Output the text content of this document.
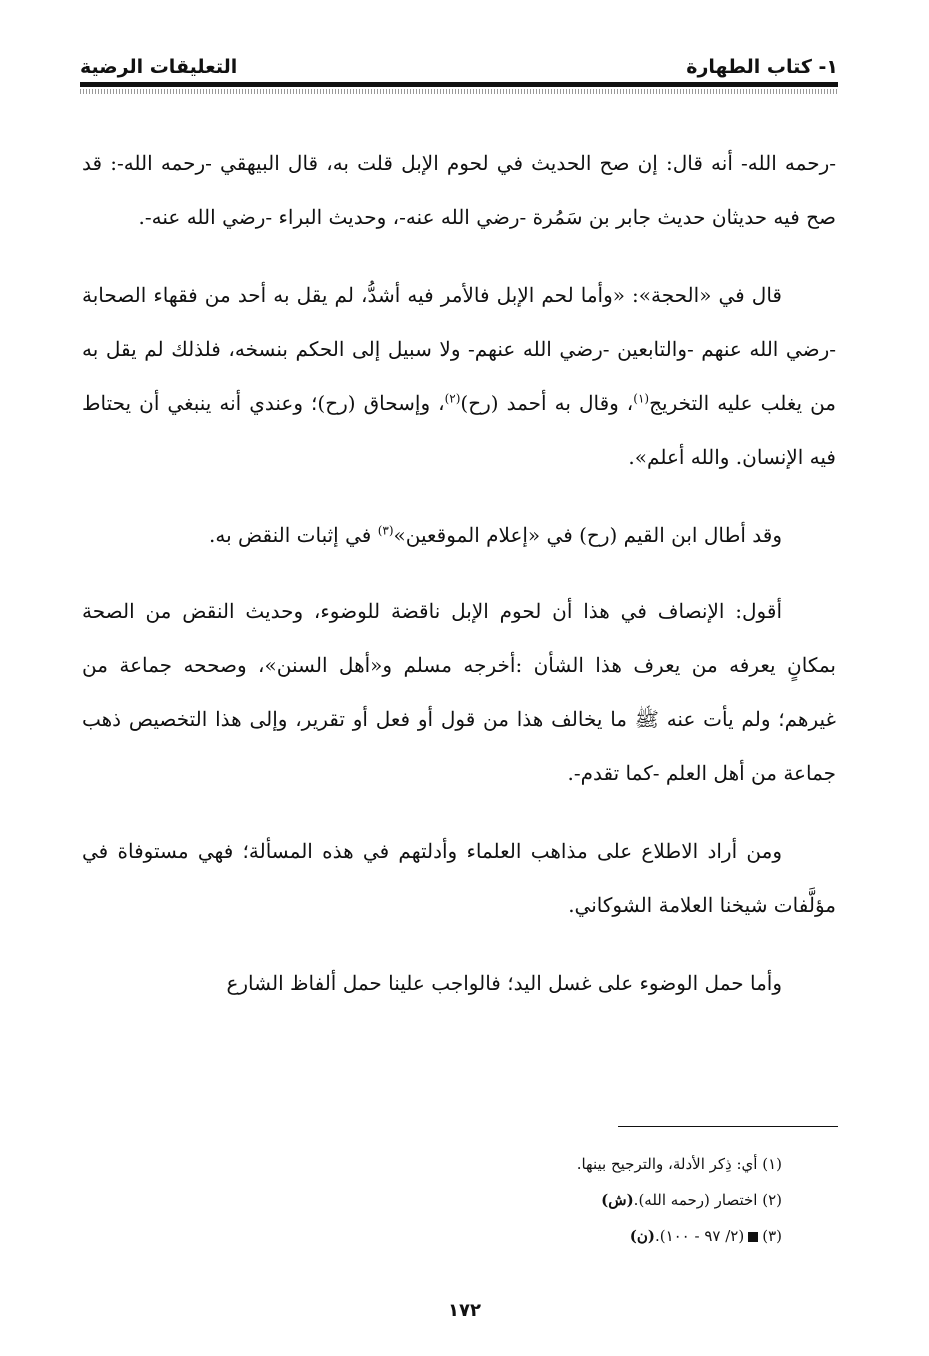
١- كتاب الطهارة
التعليقات الرضية

-رحمه الله- أنه قال: إن صح الحديث في لحوم الإبل قلت به، قال البيهقي -رحمه الله-: قد صح فيه حديثان حديث جابر بن سَمُرة -رضي الله عنه-، وحديث البراء -رضي الله عنه-.

قال في «الحجة»: «وأما لحم الإبل فالأمر فيه أشدُّ، لم يقل به أحد من فقهاء الصحابة -رضي الله عنهم -والتابعين -رضي الله عنهم- ولا سبيل إلى الحكم بنسخه، فلذلك لم يقل به من يغلب عليه التخريج$^{(١)}$، وقال به أحمد (رح)$^{(٢)}$، وإسحاق (رح)؛ وعندي أنه ينبغي أن يحتاط فيه الإنسان. والله أعلم».

وقد أطال ابن القيم (رح) في «إعلام الموقعين»$^{(٣)}$ في إثبات النقض به.

أقول: الإنصاف في هذا أن لحوم الإبل ناقضة للوضوء، وحديث النقض من الصحة بمكانٍ يعرفه من يعرف هذا الشأن :أخرجه مسلم و«أهل السنن»، وصححه جماعة من غيرهم؛ ولم يأت عنه ﷺ ما يخالف هذا من قول أو فعل أو تقرير، وإلى هذا التخصيص ذهب جماعة من أهل العلم -كما تقدم-.

ومن أراد الاطلاع على مذاهب العلماء وأدلتهم في هذه المسألة؛ فهي مستوفاة في مؤلَّفات شيخنا العلامة الشوكاني.

وأما حمل الوضوء على غسل اليد؛ فالواجب علينا حمل ألفاظ الشارع

(١) أي: ذِكر الأدلة، والترجيح بينها.
(٢) اختصار (رحمه الله).(ش)
(٣)(٢/ ٩٧ - ١٠٠).(ن)
١٧٢
